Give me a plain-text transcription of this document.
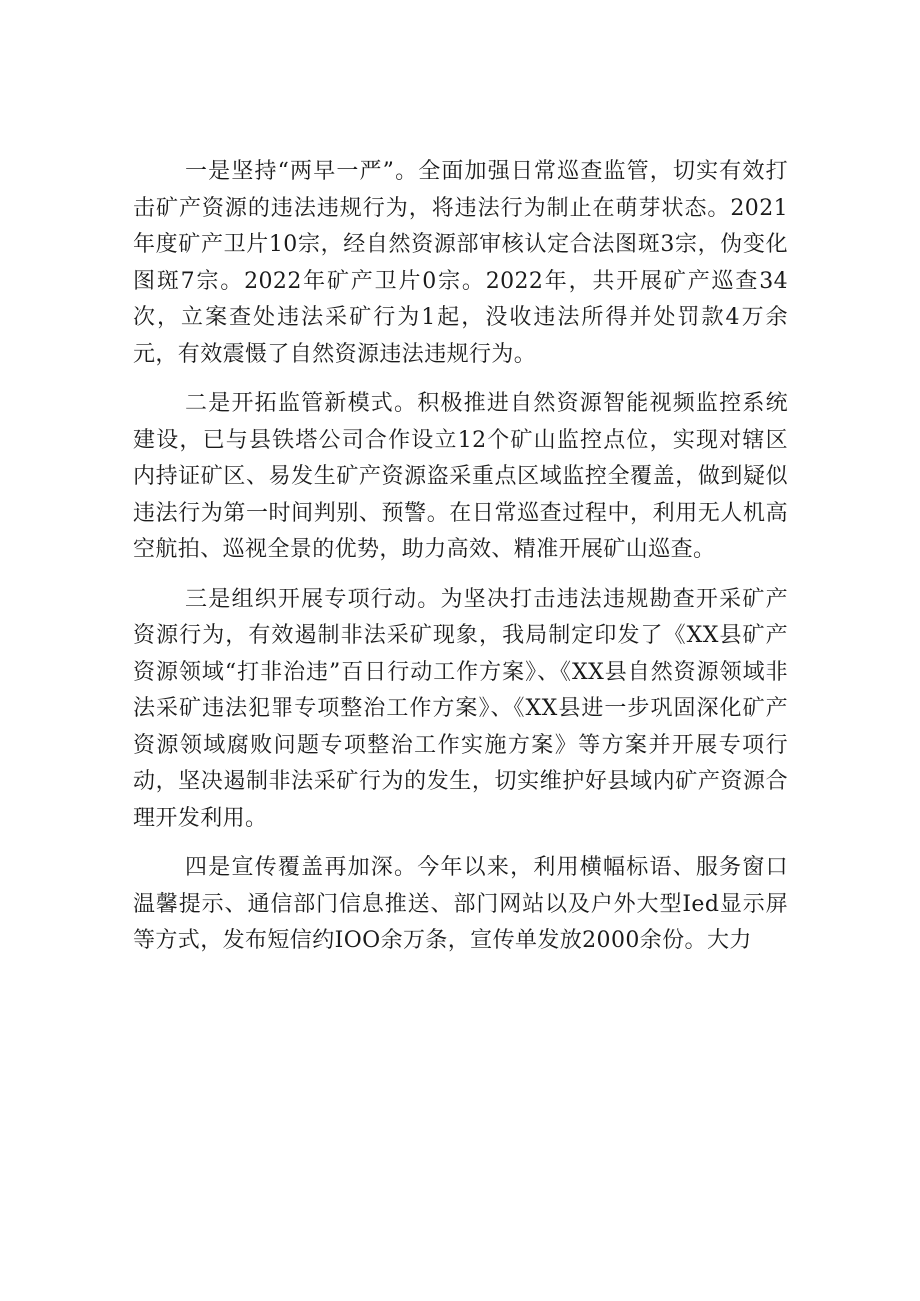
一是坚持“两早一严”。全面加强日常巡查监管，切实有效打击矿产资源的违法违规行为，将违法行为制止在萌芽状态。2021年度矿产卫片10宗，经自然资源部审核认定合法图斑3宗，伪变化图斑7宗。2022年矿产卫片0宗。2022年，共开展矿产巡查34次，立案查处违法采矿行为1起，没收违法所得并处罚款4万余元，有效震慑了自然资源违法违规行为。

二是开拓监管新模式。积极推进自然资源智能视频监控系统建设，已与县铁塔公司合作设立12个矿山监控点位，实现对辖区内持证矿区、易发生矿产资源盗采重点区域监控全覆盖，做到疑似违法行为第一时间判别、预警。在日常巡查过程中，利用无人机高空航拍、巡视全景的优势，助力高效、精准开展矿山巡查。

三是组织开展专项行动。为坚决打击违法违规勘查开采矿产资源行为，有效遏制非法采矿现象，我局制定印发了《XX县矿产资源领域“打非治违”百日行动工作方案》、《XX县自然资源领域非法采矿违法犯罪专项整治工作方案》、《XX县进一步巩固深化矿产资源领域腐败问题专项整治工作实施方案》等方案并开展专项行动，坚决遏制非法采矿行为的发生，切实维护好县域内矿产资源合理开发利用。

四是宣传覆盖再加深。今年以来，利用横幅标语、服务窗口温馨提示、通信部门信息推送、部门网站以及户外大型Ied显示屏等方式，发布短信约IOO余万条，宣传单发放2000余份。大力
